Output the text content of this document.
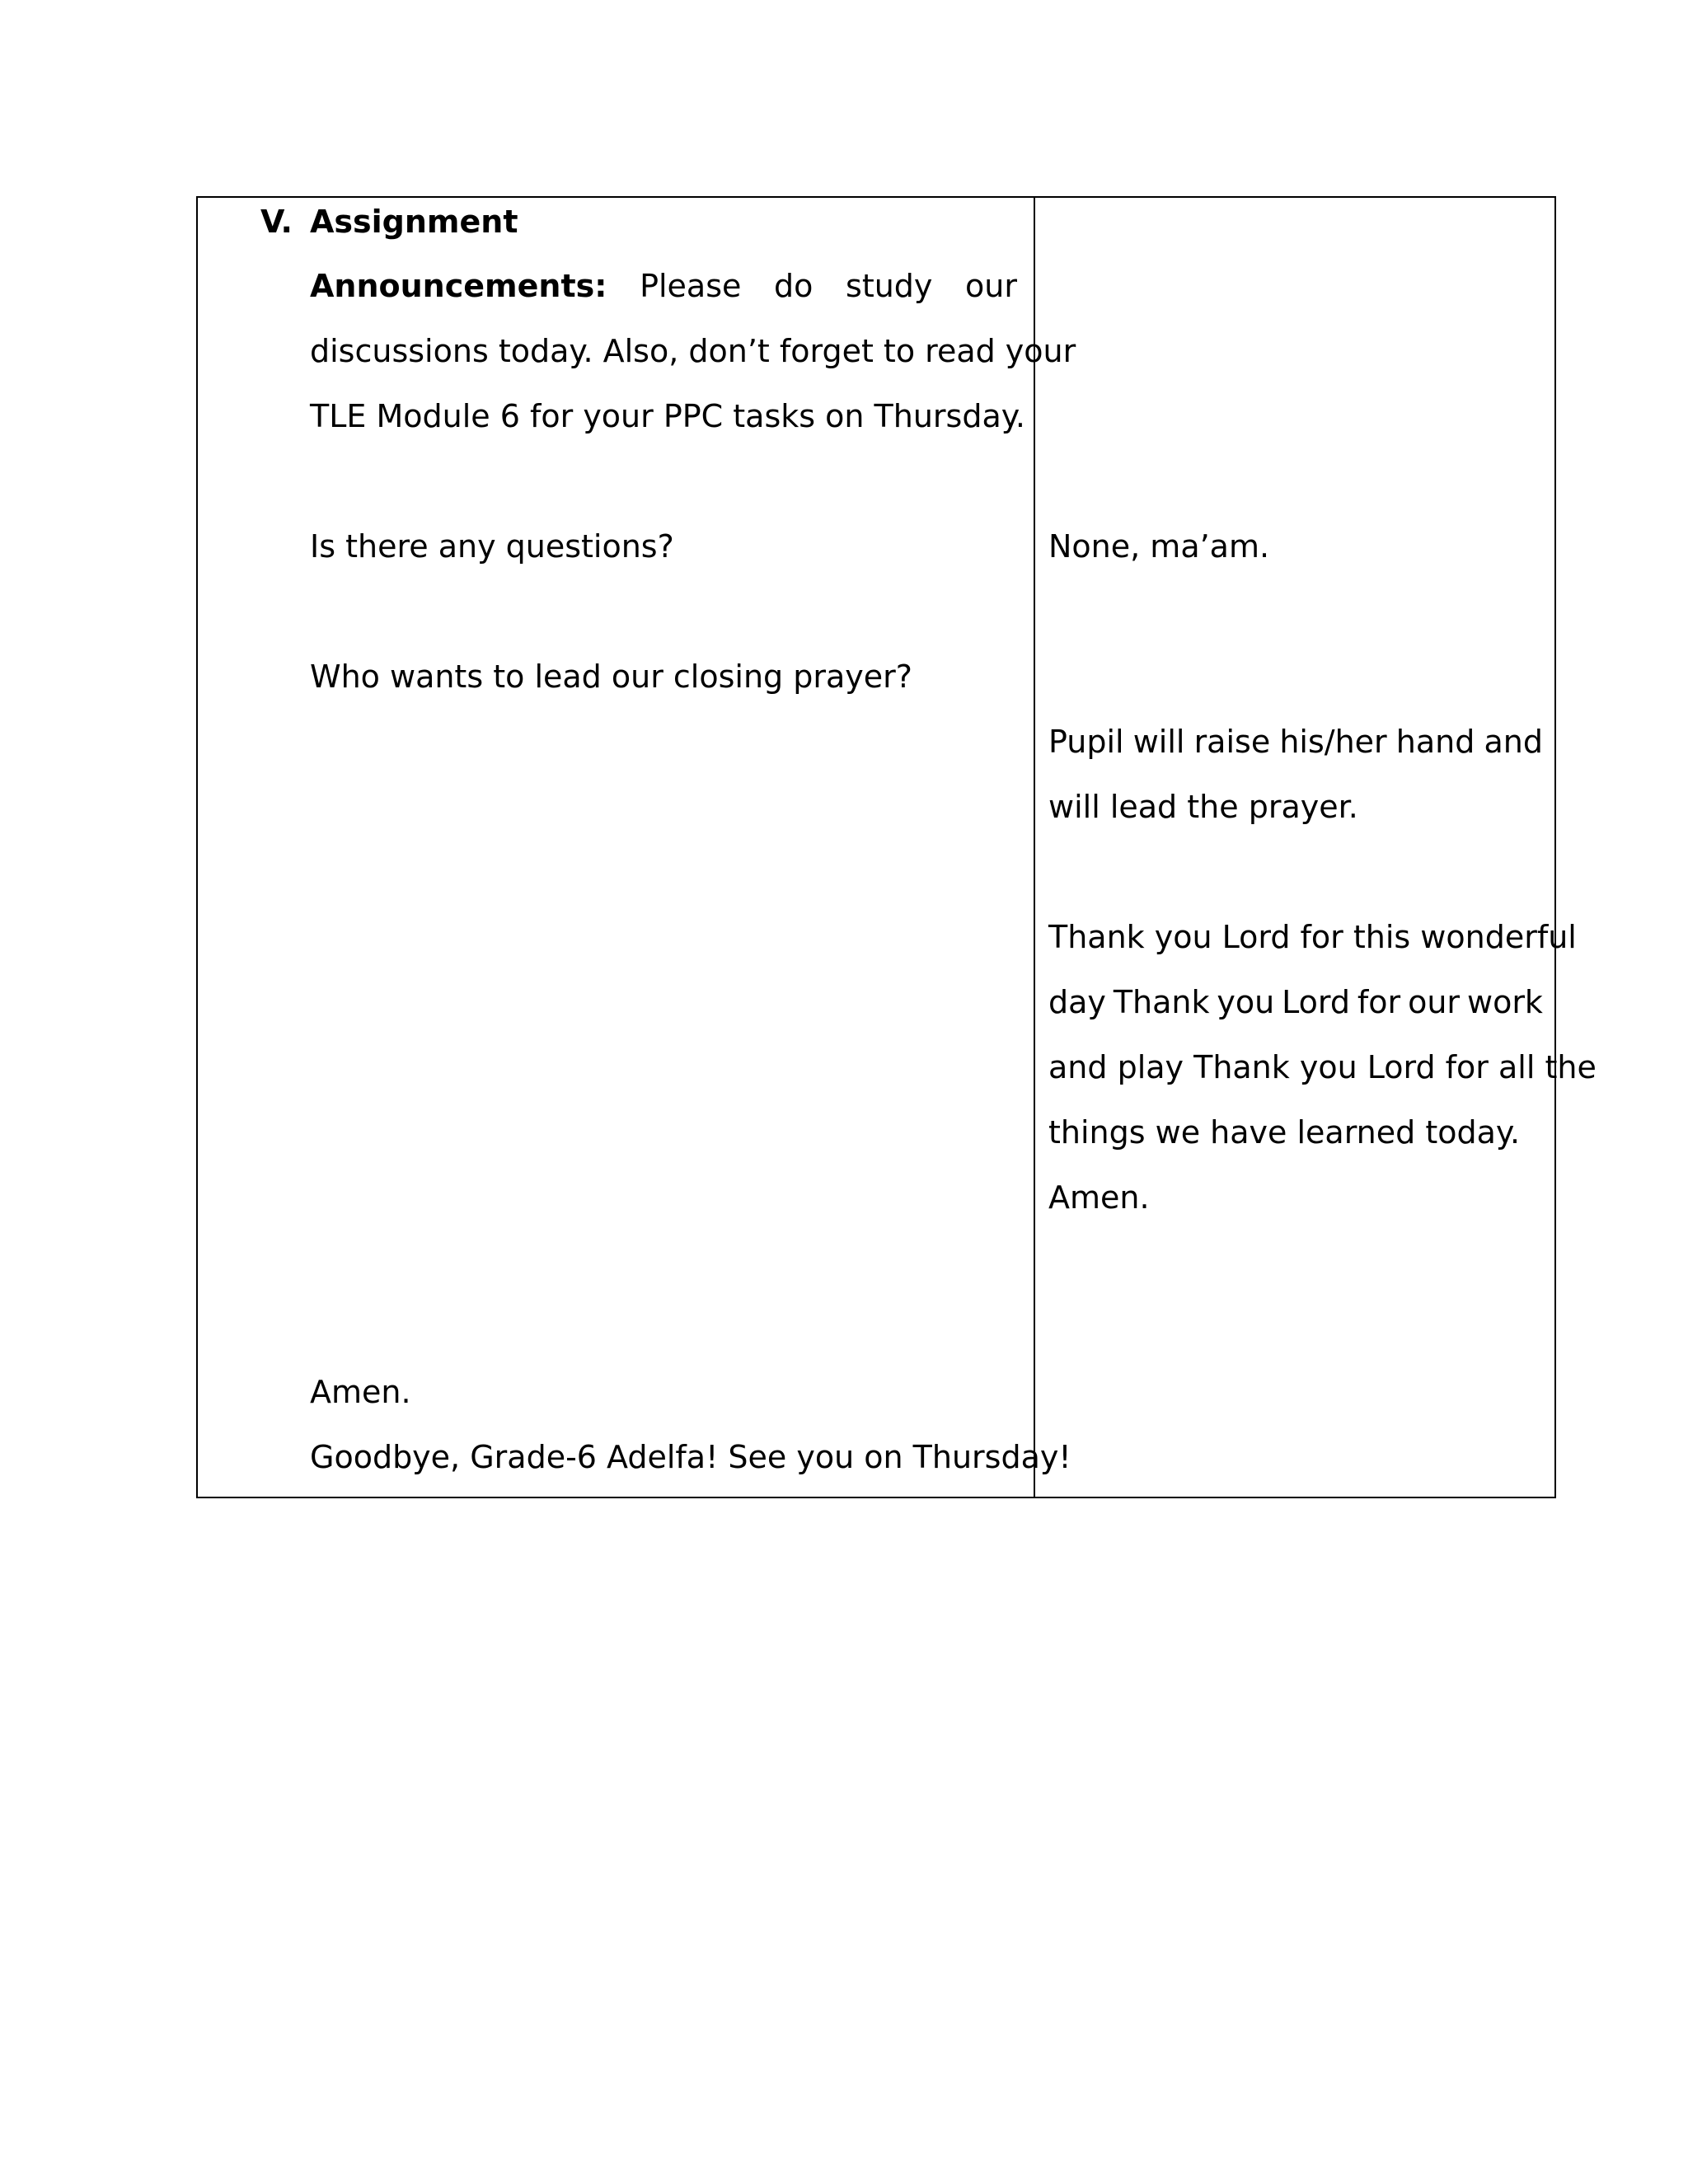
V. Assignment
Announcements: Please do study our
discussions today. Also, don’t forget to read your
TLE Module 6 for your PPC tasks on Thursday.
Is there any questions?
Who wants to lead our closing prayer?
Amen.
Goodbye, Grade-6 Adelfa! See you on Thursday!
None, ma’am.
Pupil will raise his/her hand and
will lead the prayer.
Thank you Lord for this wonderful
day Thank you Lord for our work
and play Thank you Lord for all the
things we have learned today.
Amen.
